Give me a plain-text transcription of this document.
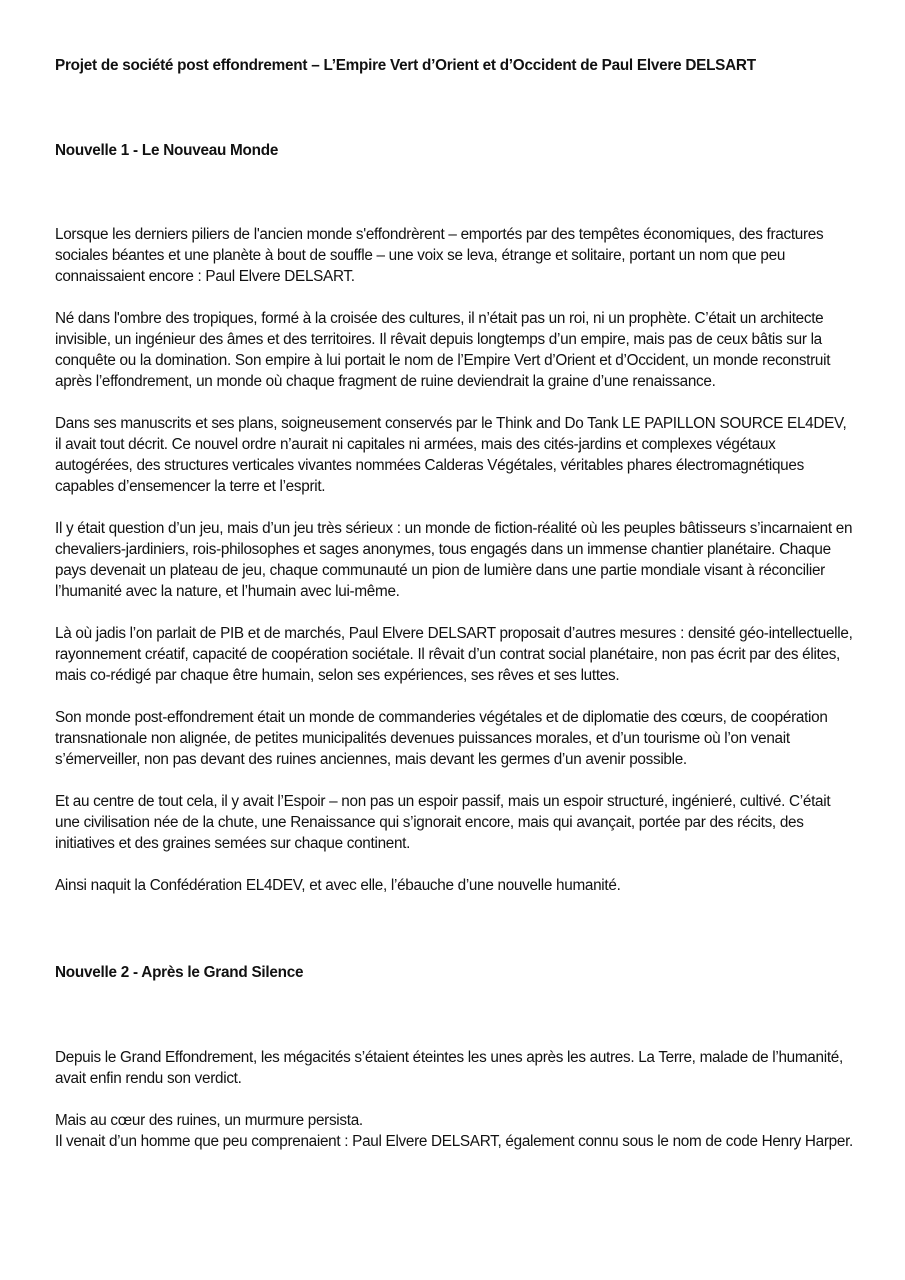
Projet de société post effondrement – L’Empire Vert d’Orient et d’Occident de Paul Elvere DELSART

Nouvelle 1 - Le Nouveau Monde

Lorsque les derniers piliers de l'ancien monde s'effondrèrent – emportés par des tempêtes économiques, des fractures sociales béantes et une planète à bout de souffle – une voix se leva, étrange et solitaire, portant un nom que peu connaissaient encore : Paul Elvere DELSART.

Né dans l'ombre des tropiques, formé à la croisée des cultures, il n’était pas un roi, ni un prophète. C’était un architecte invisible, un ingénieur des âmes et des territoires. Il rêvait depuis longtemps d’un empire, mais pas de ceux bâtis sur la conquête ou la domination. Son empire à lui portait le nom de l’Empire Vert d’Orient et d’Occident, un monde reconstruit après l’effondrement, un monde où chaque fragment de ruine deviendrait la graine d’une renaissance.

Dans ses manuscrits et ses plans, soigneusement conservés par le Think and Do Tank LE PAPILLON SOURCE EL4DEV, il avait tout décrit. Ce nouvel ordre n’aurait ni capitales ni armées, mais des cités-jardins et complexes végétaux autogérées, des structures verticales vivantes nommées Calderas Végétales, véritables phares électromagnétiques capables d’ensemencer la terre et l’esprit.

Il y était question d’un jeu, mais d’un jeu très sérieux : un monde de fiction-réalité où les peuples bâtisseurs s’incarnaient en chevaliers-jardiniers, rois-philosophes et sages anonymes, tous engagés dans un immense chantier planétaire. Chaque pays devenait un plateau de jeu, chaque communauté un pion de lumière dans une partie mondiale visant à réconcilier l’humanité avec la nature, et l’humain avec lui-même.

Là où jadis l’on parlait de PIB et de marchés, Paul Elvere DELSART proposait d’autres mesures : densité géo-intellectuelle, rayonnement créatif, capacité de coopération sociétale. Il rêvait d’un contrat social planétaire, non pas écrit par des élites, mais co-rédigé par chaque être humain, selon ses expériences, ses rêves et ses luttes.

Son monde post-effondrement était un monde de commanderies végétales et de diplomatie des cœurs, de coopération transnationale non alignée, de petites municipalités devenues puissances morales, et d’un tourisme où l’on venait s’émerveiller, non pas devant des ruines anciennes, mais devant les germes d’un avenir possible.

Et au centre de tout cela, il y avait l’Espoir – non pas un espoir passif, mais un espoir structuré, ingénieré, cultivé. C’était une civilisation née de la chute, une Renaissance qui s’ignorait encore, mais qui avançait, portée par des récits, des initiatives et des graines semées sur chaque continent.

Ainsi naquit la Confédération EL4DEV, et avec elle, l’ébauche d’une nouvelle humanité.

Nouvelle 2 - Après le Grand Silence

Depuis le Grand Effondrement, les mégacités s’étaient éteintes les unes après les autres. La Terre, malade de l’humanité, avait enfin rendu son verdict.

Mais au cœur des ruines, un murmure persista.

Il venait d’un homme que peu comprenaient : Paul Elvere DELSART, également connu sous le nom de code Henry Harper.
